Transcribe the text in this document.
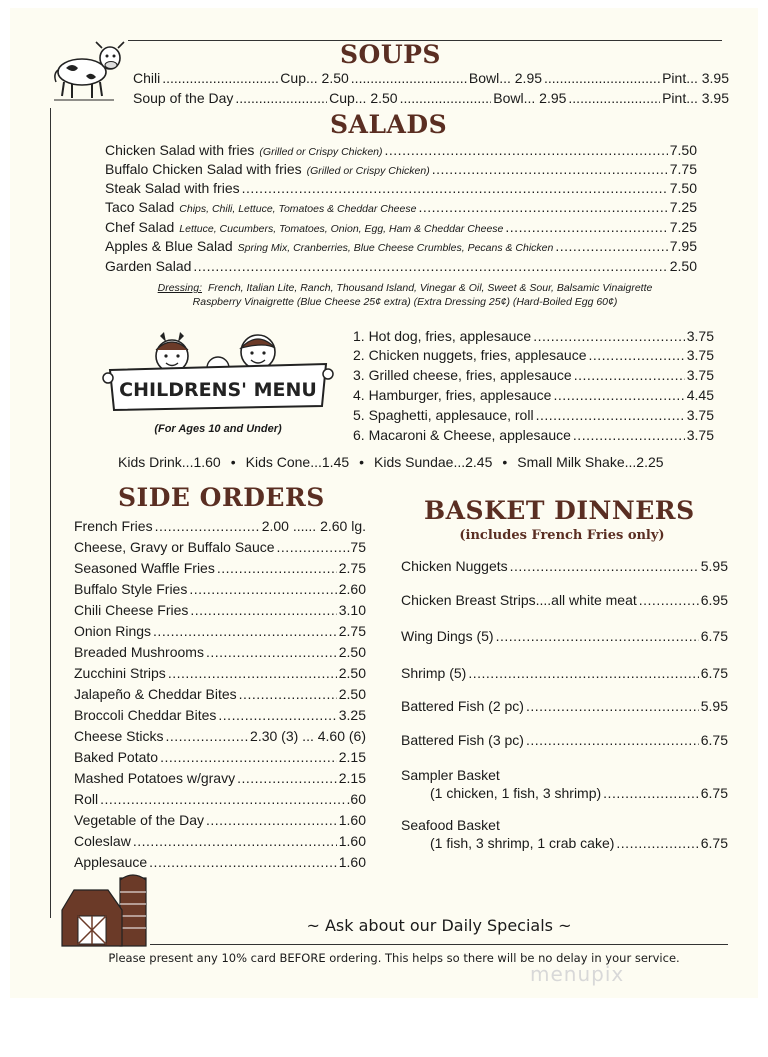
SOUPS
Chili .....	Cup... 2.50 .....	Bowl... 2.95 .....	Pint... 3.95
Soup of the Day .....	Cup... 2.50 .....	Bowl... 2.95 .....	Pint... 3.95
SALADS
Chicken Salad with fries (Grilled or Crispy Chicken) .....	7.50
Buffalo Chicken Salad with fries (Grilled or Crispy Chicken) .....	7.75
Steak Salad with fries .....	7.50
Taco Salad Chips, Chili, Lettuce, Tomatoes & Cheddar Cheese .....	7.25
Chef Salad Lettuce, Cucumbers, Tomatoes, Onion, Egg, Ham & Cheddar Cheese .....	7.25
Apples & Blue Salad Spring Mix, Cranberries, Blue Cheese Crumbles, Pecans & Chicken .....	7.95
Garden Salad .....	2.50
Dressing: French, Italian Lite, Ranch, Thousand Island, Vinegar & Oil, Sweet & Sour, Balsamic Vinaigrette
Raspberry Vinaigrette (Blue Cheese 25¢ extra) (Extra Dressing 25¢) (Hard-Boiled Egg 60¢)
CHILDRENS' MENU
(For Ages 10 and Under)
1. Hot dog, fries, applesauce .....	3.75
2. Chicken nuggets, fries, applesauce .....	3.75
3. Grilled cheese, fries, applesauce .....	3.75
4. Hamburger, fries, applesauce .....	4.45
5. Spaghetti, applesauce, roll .....	3.75
6. Macaroni & Cheese, applesauce .....	3.75
Kids Drink...1.60 • Kids Cone...1.45 • Kids Sundae...2.45 • Small Milk Shake...2.25
SIDE ORDERS
French Fries .....	2.00 ...... 2.60 lg.
Cheese, Gravy or Buffalo Sauce .....	.75
Seasoned Waffle Fries .....	2.75
Buffalo Style Fries .....	2.60
Chili Cheese Fries .....	3.10
Onion Rings .....	2.75
Breaded Mushrooms .....	2.50
Zucchini Strips .....	2.50
Jalapeño & Cheddar Bites .....	2.50
Broccoli Cheddar Bites .....	3.25
Cheese Sticks .....	2.30 (3) ... 4.60 (6)
Baked Potato .....	2.15
Mashed Potatoes w/gravy .....	2.15
Roll .....	.60
Vegetable of the Day .....	1.60
Coleslaw .....	1.60
Applesauce .....	1.60
BASKET DINNERS
(includes French Fries only)
Chicken Nuggets .....	5.95
Chicken Breast Strips....all white meat .....	6.95
Wing Dings (5) .....	6.75
Shrimp (5) .....	6.75
Battered Fish (2 pc) .....	5.95
Battered Fish (3 pc) .....	6.75
Sampler Basket
(1 chicken, 1 fish, 3 shrimp) .....	6.75
Seafood Basket
(1 fish, 3 shrimp, 1 crab cake) .....	6.75
~ Ask about our Daily Specials ~
Please present any 10% card BEFORE ordering. This helps so there will be no delay in your service.
menupix
